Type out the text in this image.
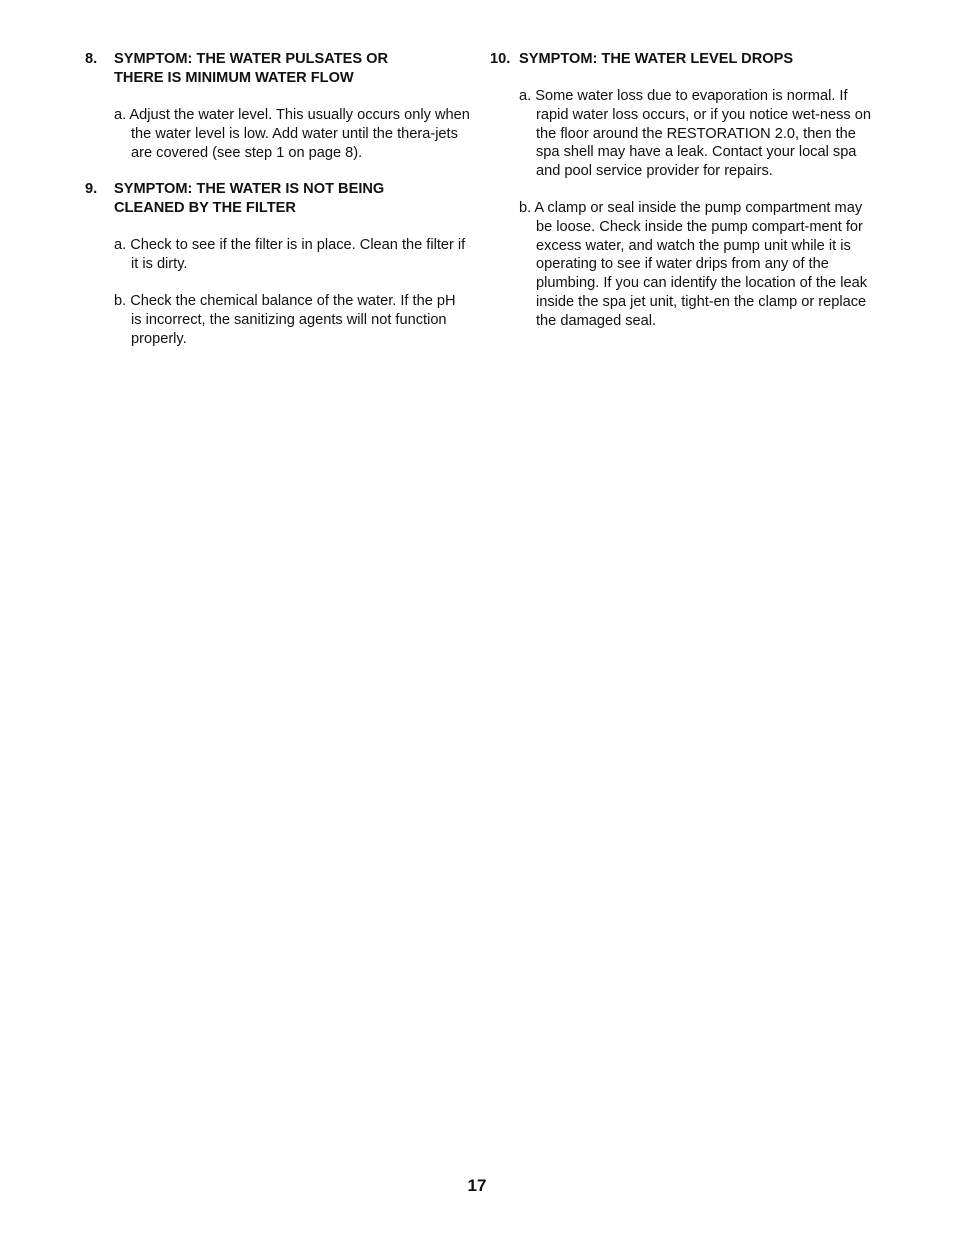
8.	SYMPTOM: THE WATER PULSATES OR
THERE IS MINIMUM WATER FLOW

a. Adjust the water level. This usually occurs only when the water level is low. Add water until the thera-jets are covered (see step 1 on page 8).

9.	SYMPTOM: THE WATER IS NOT BEING
CLEANED BY THE FILTER

a. Check to see if the filter is in place. Clean the filter if it is dirty.

b. Check the chemical balance of the water. If the pH is incorrect, the sanitizing agents will not function properly.

10. SYMPTOM: THE WATER LEVEL DROPS

a. Some water loss due to evaporation is normal. If rapid water loss occurs, or if you notice wet-ness on the floor around the RESTORATION 2.0, then the spa shell may have a leak. Contact your local spa and pool service provider for repairs.

b. A clamp or seal inside the pump compartment may be loose. Check inside the pump compart-ment for excess water, and watch the pump unit while it is operating to see if water drips from any of the plumbing. If you can identify the location of the leak inside the spa jet unit, tight-en the clamp or replace the damaged seal.

17
